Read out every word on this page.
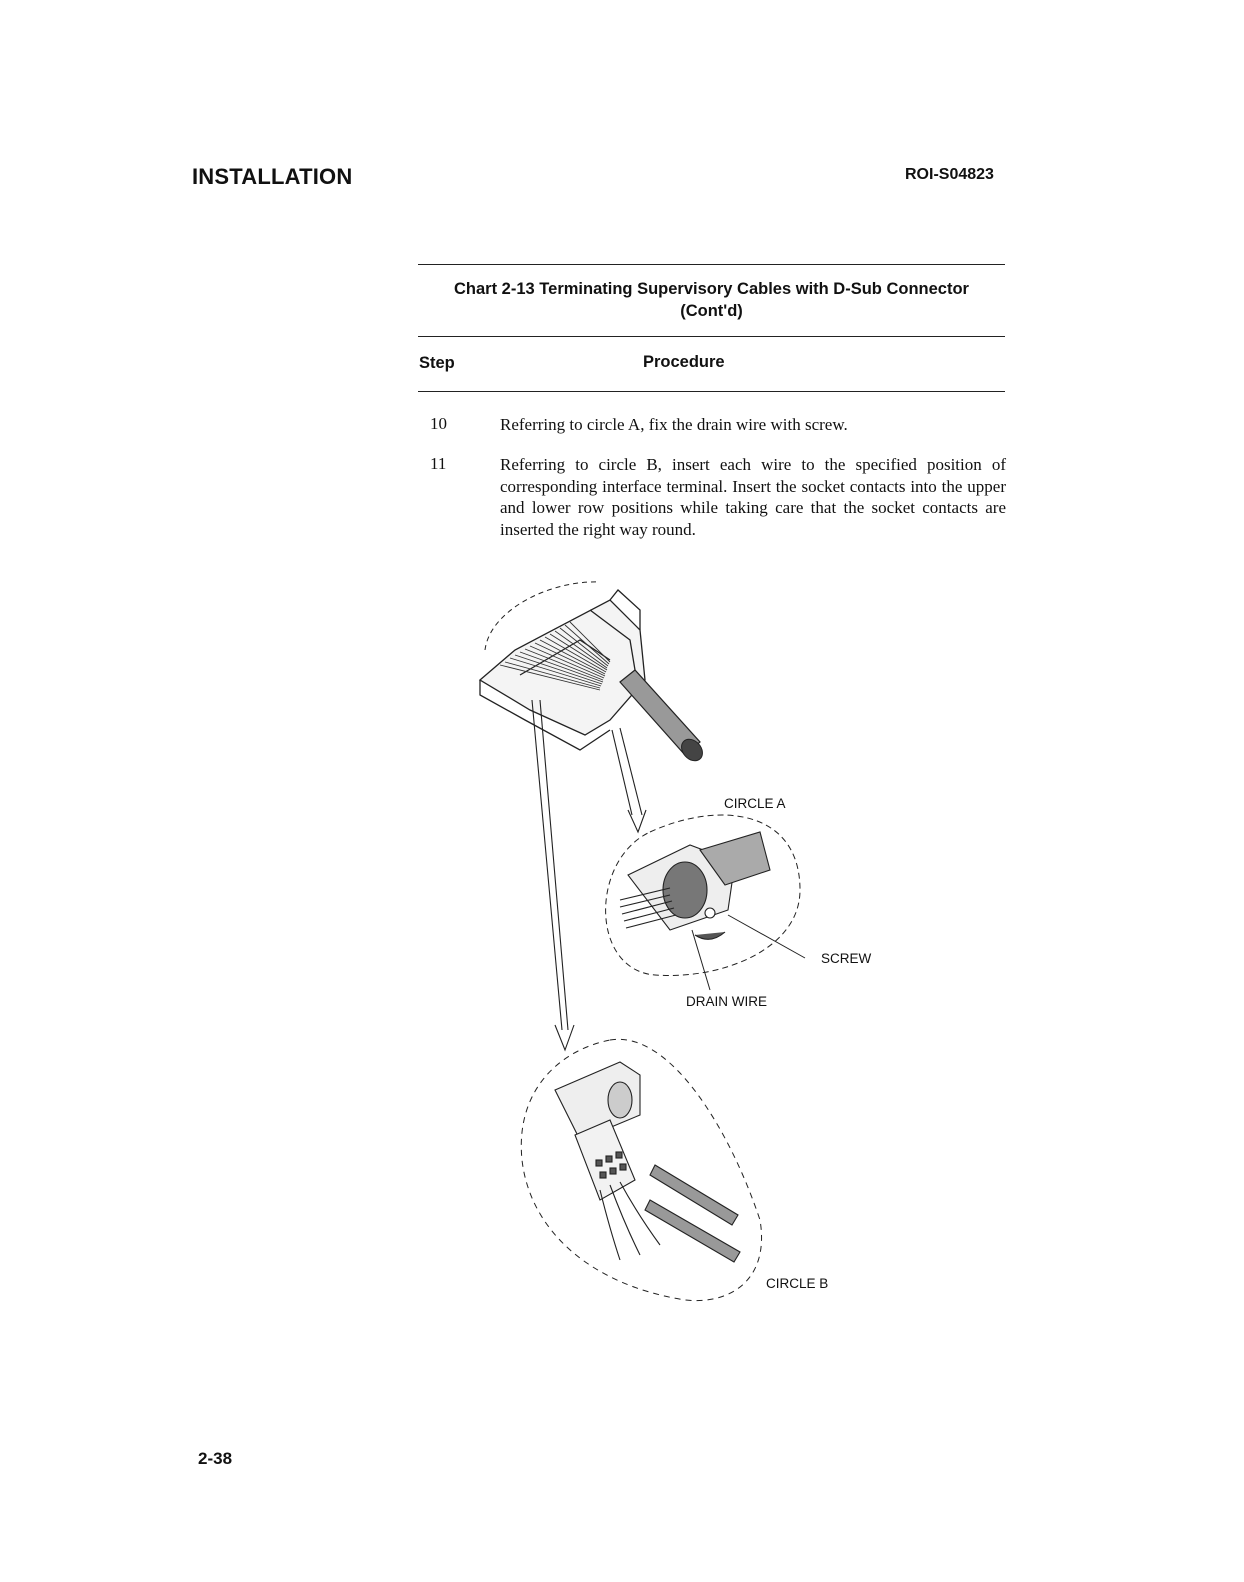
INSTALLATION	ROI-S04823
Chart 2-13 Terminating Supervisory Cables with D-Sub Connector
(Cont'd)
Step	Procedure
10	Referring to circle A, fix the drain wire with screw.
11	Referring to circle B, insert each wire to the specified position of corresponding interface terminal. Insert the socket contacts into the upper and lower row positions while taking care that the socket contacts are inserted the right way round.
CIRCLE A
SCREW
DRAIN WIRE
CIRCLE B
2-38
